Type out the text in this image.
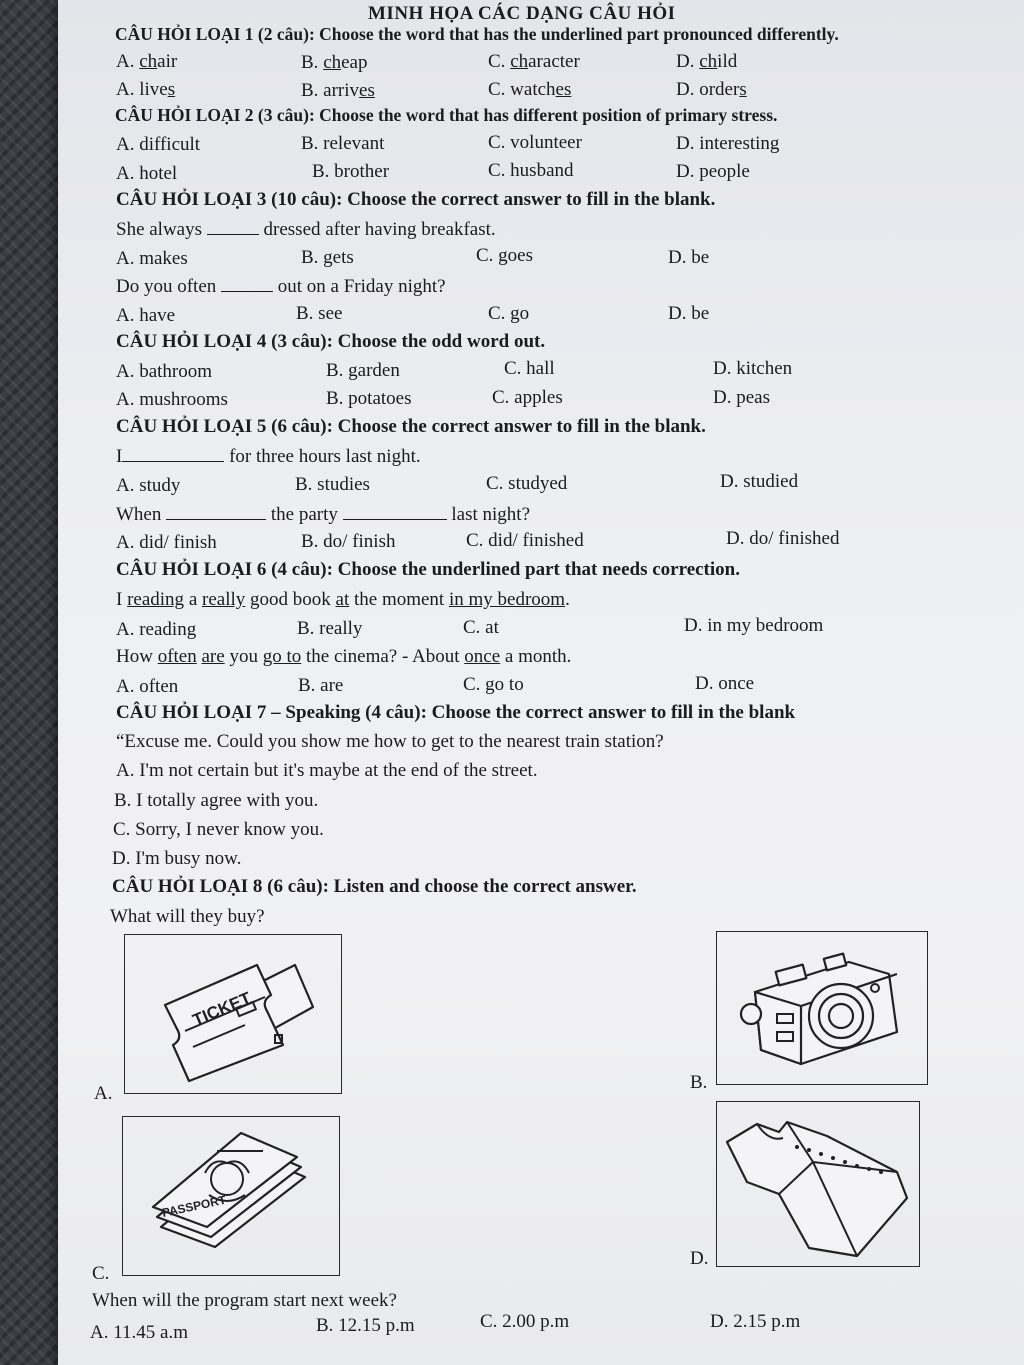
MINH HỌA CÁC DẠNG CÂU HỎI
CÂU HỎI LOẠI 1 (2 câu): Choose the word that has the underlined part pronounced differently.
A. chair	B. cheap	C. character	D. child
A. lives	B. arrives	C. watches	D. orders
CÂU HỎI LOẠI 2 (3 câu): Choose the word that has different position of primary stress.
A. difficult	B. relevant	C. volunteer	D. interesting
A. hotel	B. brother	C. husband	D. people
CÂU HỎI LOẠI 3 (10 câu): Choose the correct answer to fill in the blank.
She always	dressed after having breakfast.
A. makes	B. gets	C. goes	D. be
Do you often	out on a Friday night?
A. have	B. see	C. go	D. be
CÂU HỎI LOẠI 4 (3 câu): Choose the odd word out.
A. bathroom	B. garden	C. hall	D. kitchen
A. mushrooms	B. potatoes	C. apples	D. peas
CÂU HỎI LOẠI 5 (6 câu): Choose the correct answer to fill in the blank.
I	for three hours last night.
A. study	B. studies	C. studyed	D. studied
When	the party	last night?
A. did/ finish	B. do/ finish	C. did/ finished	D. do/ finished
CÂU HỎI LOẠI 6 (4 câu): Choose the underlined part that needs correction.
I reading a really good book at the moment in my bedroom.
A. reading	B. really	C. at	D. in my bedroom
How often are you go to the cinema? - About once a month.
A. often	B. are	C. go to	D. once
CÂU HỎI LOẠI 7 – Speaking (4 câu): Choose the correct answer to fill in the blank
“Excuse me. Could you show me how to get to the nearest train station?
A. I'm not certain but it's maybe at the end of the street.
B. I totally agree with you.
C. Sorry, I never know you.
D. I'm busy now.
CÂU HỎI LOẠI 8 (6 câu): Listen and choose the correct answer.
What will they buy?
A.
TICKET
B.
C.
PASSPORT
D.
When will the program start next week?
A. 11.45 a.m	B. 12.15 p.m	C. 2.00 p.m	D. 2.15 p.m
